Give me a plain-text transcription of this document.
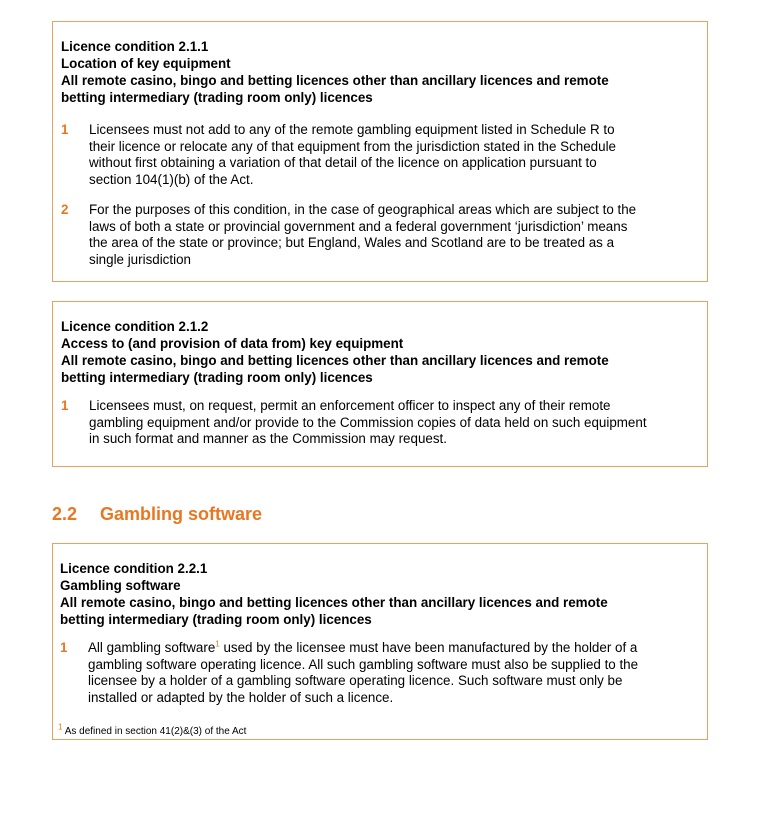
Licence condition 2.1.1
Location of key equipment
All remote casino, bingo and betting licences other than ancillary licences and remote
betting intermediary (trading room only) licences
1 Licensees must not add to any of the remote gambling equipment listed in Schedule R to
their licence or relocate any of that equipment from the jurisdiction stated in the Schedule
without first obtaining a variation of that detail of the licence on application pursuant to
section 104(1)(b) of the Act.
2 For the purposes of this condition, in the case of geographical areas which are subject to the
laws of both a state or provincial government and a federal government ‘jurisdiction’ means
the area of the state or province; but England, Wales and Scotland are to be treated as a
single jurisdiction
Licence condition 2.1.2
Access to (and provision of data from) key equipment
All remote casino, bingo and betting licences other than ancillary licences and remote
betting intermediary (trading room only) licences
1 Licensees must, on request, permit an enforcement officer to inspect any of their remote
gambling equipment and/or provide to the Commission copies of data held on such equipment
in such format and manner as the Commission may request.
2.2 Gambling software
Licence condition 2.2.1
Gambling software
All remote casino, bingo and betting licences other than ancillary licences and remote
betting intermediary (trading room only) licences
1 All gambling software$^1$ used by the licensee must have been manufactured by the holder of a
gambling software operating licence. All such gambling software must also be supplied to the
licensee by a holder of a gambling software operating licence. Such software must only be
installed or adapted by the holder of such a licence.
$^1$ As defined in section 41(2)&(3) of the Act
